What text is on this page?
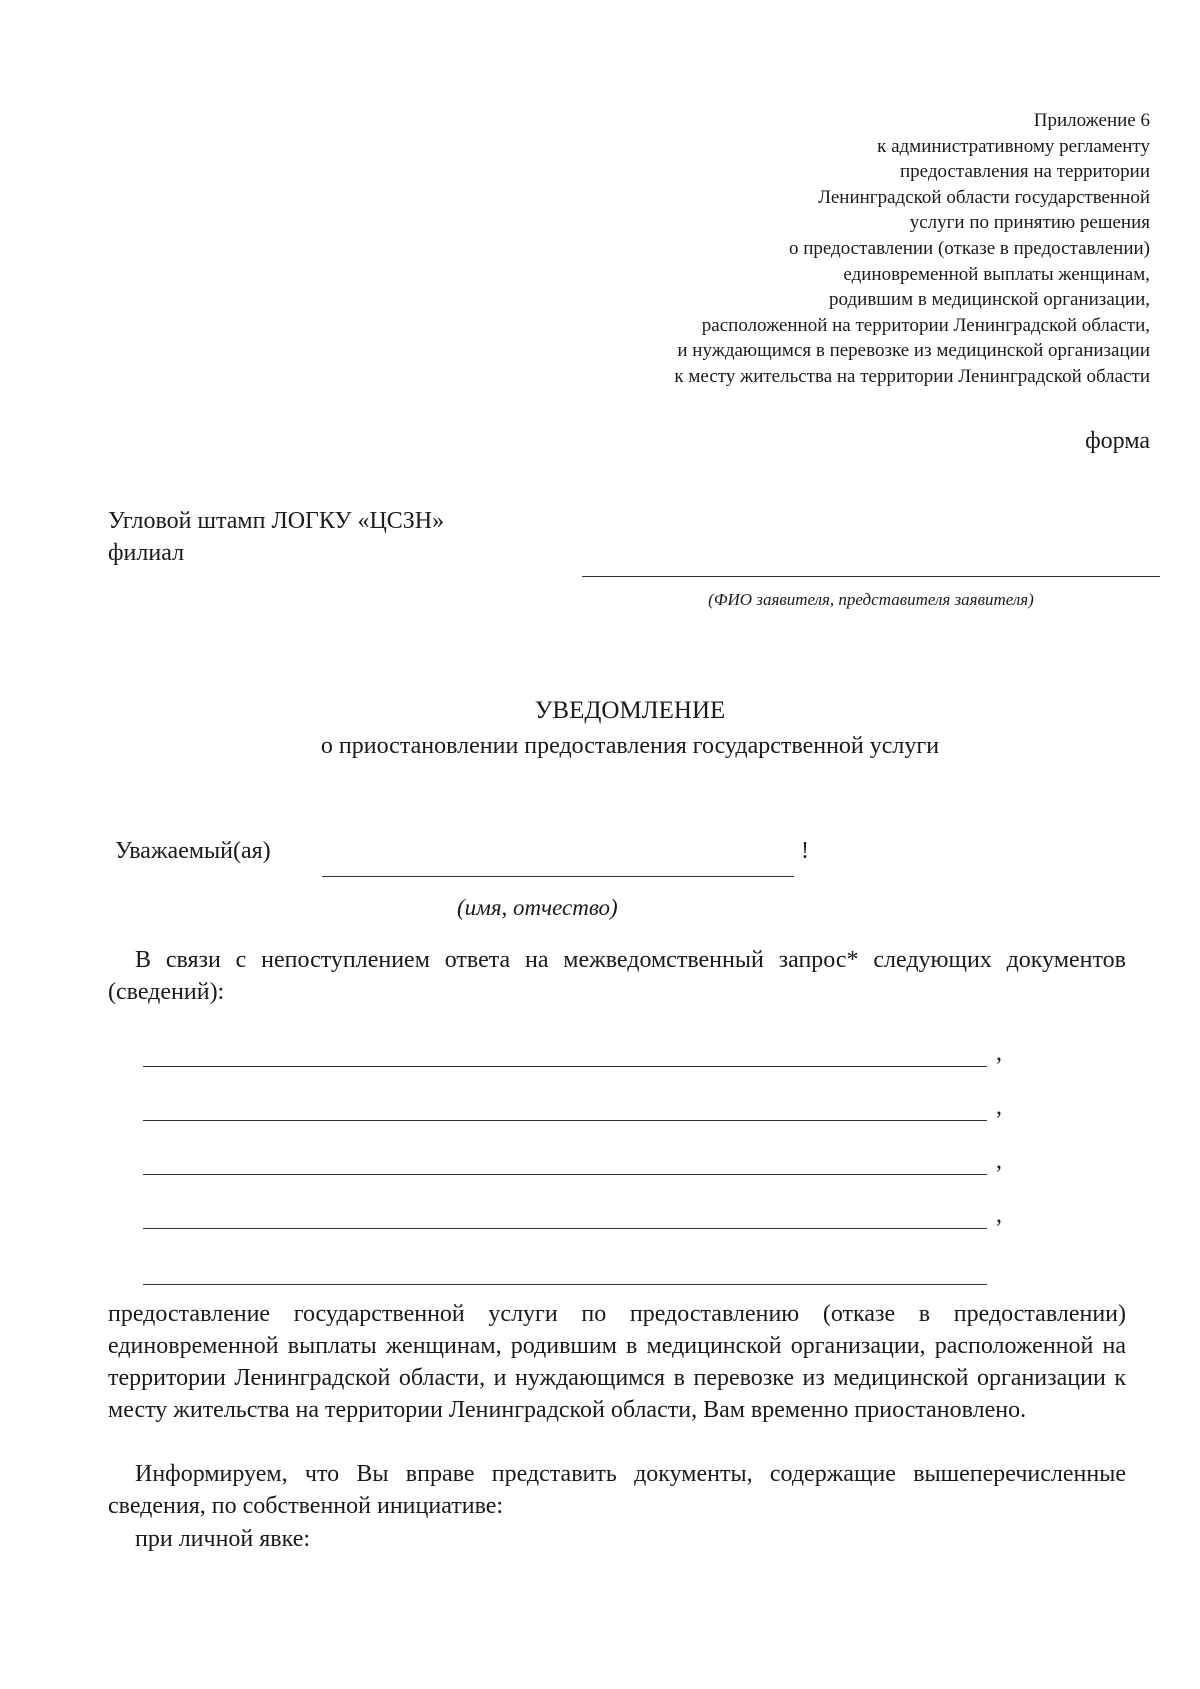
Приложение 6
к административному регламенту
предоставления на территории
Ленинградской области государственной
услуги по принятию решения
о предоставлении (отказе в предоставлении)
единовременной выплаты женщинам,
родившим в медицинской организации,
расположенной на территории Ленинградской области,
и нуждающимся в перевозке из медицинской организации
к месту жительства на территории Ленинградской области
форма
Угловой штамп ЛОГКУ «ЦСЗН»
филиал
(ФИО заявителя, представителя заявителя)
УВЕДОМЛЕНИЕ
о приостановлении предоставления государственной услуги
Уважаемый(ая)	!
(имя, отчество)
В связи с непоступлением ответа на межведомственный запрос* следующих документов (сведений):
,
,
,
,
предоставление государственной услуги по предоставлению (отказе в предоставлении) единовременной выплаты женщинам, родившим в медицинской организации, расположенной на территории Ленинградской области, и нуждающимся в перевозке из медицинской организации к месту жительства на территории Ленинградской области, Вам временно приостановлено.
Информируем, что Вы вправе представить документы, содержащие вышеперечисленные сведения, по собственной инициативе:
при личной явке:
